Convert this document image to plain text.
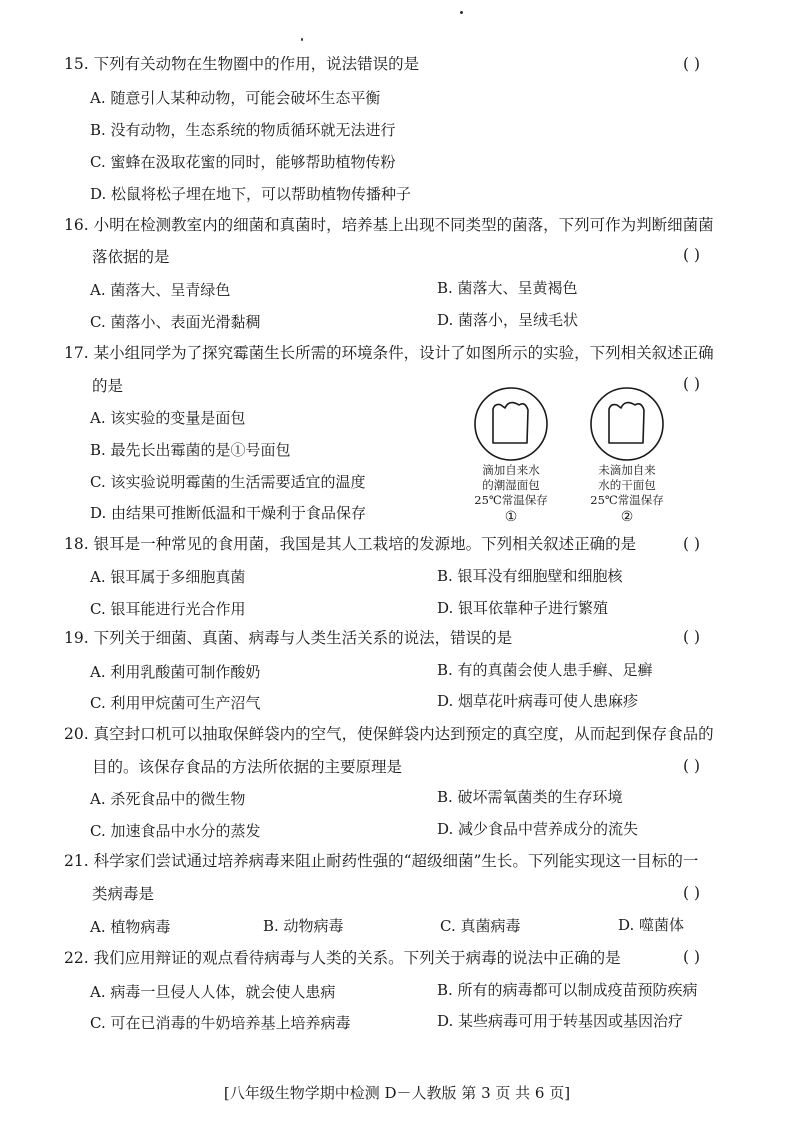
15. 下列有关动物在生物圈中的作用，说法错误的是	( )
A. 随意引人某种动物，可能会破坏生态平衡
B. 没有动物，生态系统的物质循环就无法进行
C. 蜜蜂在汲取花蜜的同时，能够帮助植物传粉
D. 松鼠将松子埋在地下，可以帮助植物传播种子
16. 小明在检测教室内的细菌和真菌时，培养基上出现不同类型的菌落，下列可作为判断细菌菌
落依据的是	( )
A. 菌落大、呈青绿色	B. 菌落大、呈黄褐色
C. 菌落小、表面光滑黏稠	D. 菌落小，呈绒毛状
17. 某小组同学为了探究霉菌生长所需的环境条件，设计了如图所示的实验，下列相关叙述正确
的是	( )
A. 该实验的变量是面包
B. 最先长出霉菌的是①号面包
C. 该实验说明霉菌的生活需要适宜的温度
D. 由结果可推断低温和干燥利于食品保存
滴加自来水
的潮湿面包
25℃常温保存
①
未滴加自来
水的干面包
25℃常温保存
②
18. 银耳是一种常见的食用菌，我国是其人工栽培的发源地。下列相关叙述正确的是	( )
A. 银耳属于多细胞真菌	B. 银耳没有细胞壁和细胞核
C. 银耳能进行光合作用	D. 银耳依靠种子进行繁殖
19. 下列关于细菌、真菌、病毒与人类生活关系的说法，错误的是	( )
A. 利用乳酸菌可制作酸奶	B. 有的真菌会使人患手癣、足癣
C. 利用甲烷菌可生产沼气	D. 烟草花叶病毒可使人患麻疹
20. 真空封口机可以抽取保鲜袋内的空气，使保鲜袋内达到预定的真空度，从而起到保存食品的
目的。该保存食品的方法所依据的主要原理是	( )
A. 杀死食品中的微生物	B. 破坏需氧菌类的生存环境
C. 加速食品中水分的蒸发	D. 减少食品中营养成分的流失
21. 科学家们尝试通过培养病毒来阻止耐药性强的“超级细菌”生长。下列能实现这一目标的一
类病毒是	( )
A. 植物病毒	B. 动物病毒	C. 真菌病毒	D. 噬菌体
22. 我们应用辩证的观点看待病毒与人类的关系。下列关于病毒的说法中正确的是	( )
A. 病毒一旦侵人人体，就会使人患病	B. 所有的病毒都可以制成疫苗预防疾病
C. 可在已消毒的牛奶培养基上培养病毒	D. 某些病毒可用于转基因或基因治疗
[八年级生物学期中检测 D－人教版 第 3 页 共 6 页]
